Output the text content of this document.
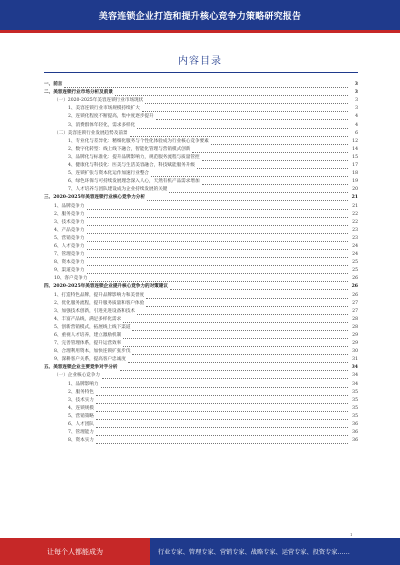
美容连锁企业打造和提升核心竞争力策略研究报告
内容目录
一、前言	3
二、美容连锁行业市场分析及前景	3
（一）2020-2025年美容连锁行业市场现状	3
1、美容连锁行业市场规模持续扩大	3
2、连锁化程度不断提高，集中度逐步提升	4
3、消费群体年轻化，需求多样化	4
（二）美容连锁行业发展趋势及前景	6
1、专业化与差异化：精细化服务与个性化体验成为行业核心竞争要素	12
2、数字化转型：线上线下融合，智能化管理与营销模式创新	14
3、品牌化与标准化：提升品牌影响力，规范服务流程与质量管控	15
4、健康化与科技化：医美与生活美容融合，科技赋能服务升级	17
5、连锁扩张与资本化运作加速行业整合	18
6、绿色环保与可持续发展理念深入人心，天然有机产品需求增加	19
7、人才培养与团队建设成为企业持续发展的关键	20
三、2020-2025年美容连锁行业核心竞争力分析	21
1、品牌竞争力	21
2、服务竞争力	22
3、技术竞争力	22
4、产品竞争力	23
5、营销竞争力	23
6、人才竞争力	24
7、管理竞争力	24
8、资本竞争力	25
9、渠道竞争力	25
10、客户竞争力	26
四、2020-2025年美容连锁企业提升核心竞争力的对策建议	26
1、打造特色品牌，提升品牌影响力和美誉度	26
2、优化服务流程，提升服务质量和客户体验	27
3、加强技术创新，引进先进设备和技术	27
4、丰富产品线，满足多样化需求	28
5、创新营销模式，拓展线上线下渠道	28
6、重视人才培养，建立激励机制	29
7、完善管理体系，提升运营效率	29
8、合理利用资本，加快连锁扩张步伐	30
9、深耕客户关系，提高客户忠诚度	31
五、美容连锁企业主要竞争对手分析	34
（一）企业核心竞争力	34
1、品牌影响力	34
2、服务特色	35
3、技术实力	35
4、连锁规模	35
5、营销策略	35
6、人才团队	36
7、管理能力	36
8、资本实力	36
1
让每个人都能成为	行业专家、管理专家、营销专家、战略专家、运营专家、投资专家……
